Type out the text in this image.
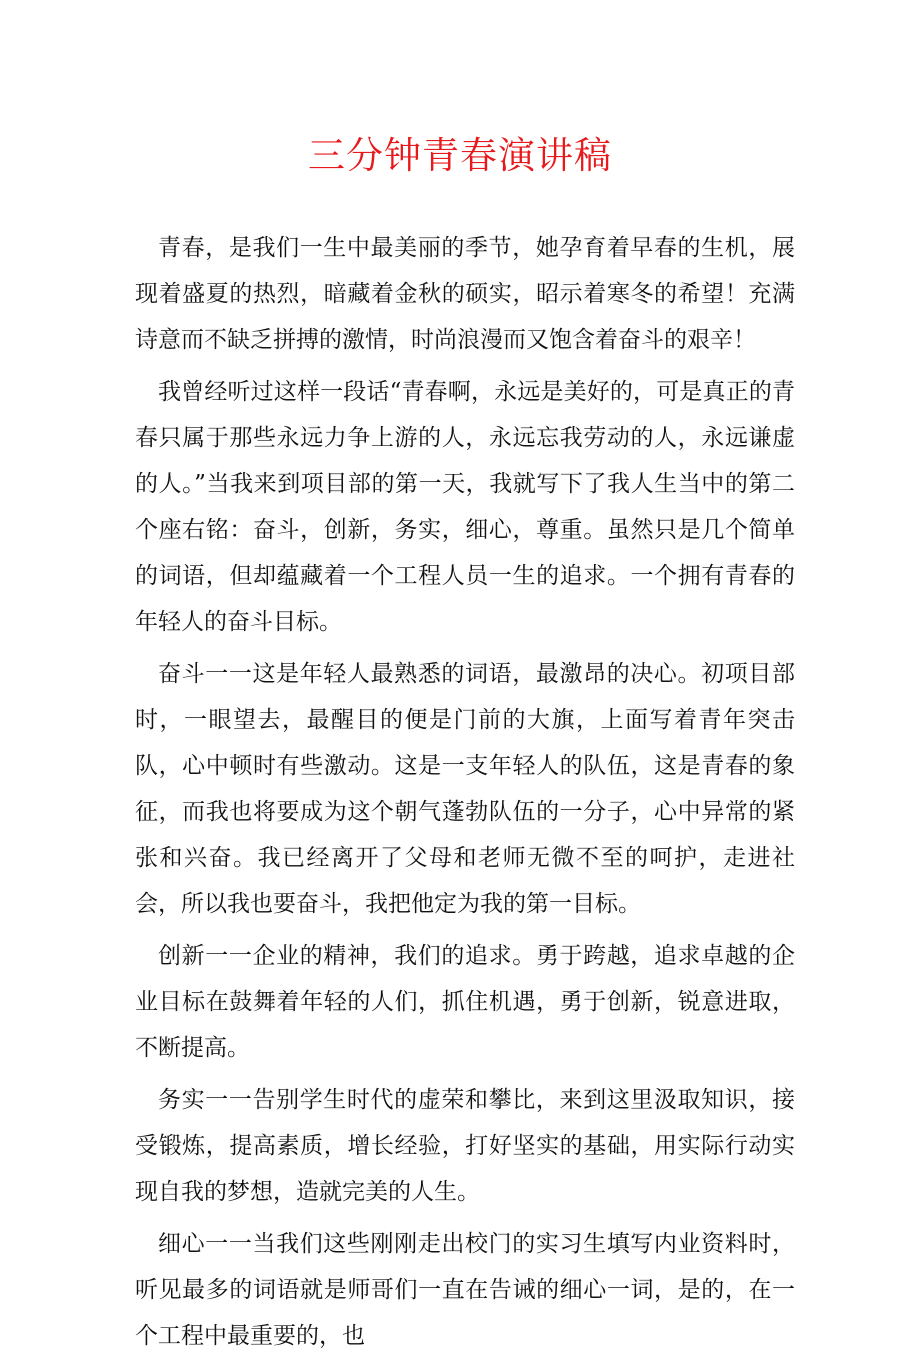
三分钟青春演讲稿

青春，是我们一生中最美丽的季节，她孕育着早春的生机，展现着盛夏的热烈，暗藏着金秋的硕实，昭示着寒冬的希望！充满诗意而不缺乏拼搏的激情，时尚浪漫而又饱含着奋斗的艰辛！

我曾经听过这样一段话“青春啊，永远是美好的，可是真正的青春只属于那些永远力争上游的人，永远忘我劳动的人，永远谦虚的人。”当我来到项目部的第一天，我就写下了我人生当中的第二个座右铭：奋斗，创新，务实，细心，尊重。虽然只是几个简单的词语，但却蕴藏着一个工程人员一生的追求。一个拥有青春的年轻人的奋斗目标。

奋斗一一这是年轻人最熟悉的词语，最激昂的决心。初项目部时，一眼望去，最醒目的便是门前的大旗，上面写着青年突击队，心中顿时有些激动。这是一支年轻人的队伍，这是青春的象征，而我也将要成为这个朝气蓬勃队伍的一分子，心中异常的紧张和兴奋。我已经离开了父母和老师无微不至的呵护，走进社会，所以我也要奋斗，我把他定为我的第一目标。

创新一一企业的精神，我们的追求。勇于跨越，追求卓越的企业目标在鼓舞着年轻的人们，抓住机遇，勇于创新，锐意进取，不断提高。

务实一一告别学生时代的虚荣和攀比，来到这里汲取知识，接受锻炼，提高素质，增长经验，打好坚实的基础，用实际行动实现自我的梦想，造就完美的人生。

细心一一当我们这些刚刚走出校门的实习生填写内业资料时，听见最多的词语就是师哥们一直在告诫的细心一词，是的，在一个工程中最重要的，也
